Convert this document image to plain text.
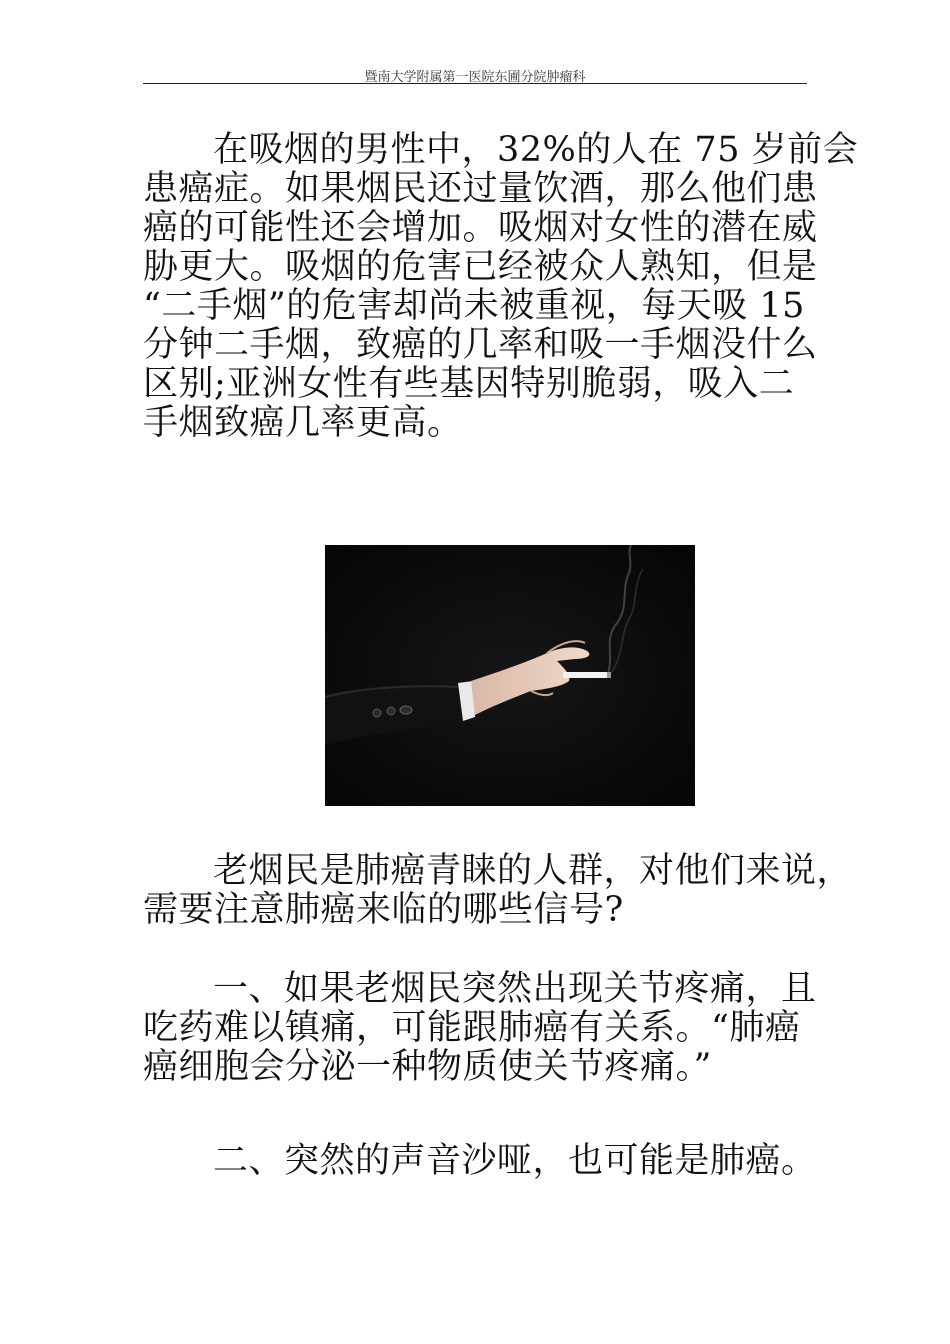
暨南大学附属第一医院东圃分院肿瘤科

在吸烟的男性中，32%的人在 75 岁前会
患癌症。如果烟民还过量饮酒，那么他们患
癌的可能性还会增加。吸烟对女性的潜在威
胁更大。吸烟的危害已经被众人熟知，但是
“二手烟”的危害却尚未被重视，每天吸 15
分钟二手烟，致癌的几率和吸一手烟没什么
区别;亚洲女性有些基因特别脆弱，吸入二
手烟致癌几率更高。

老烟民是肺癌青睐的人群，对他们来说，
需要注意肺癌来临的哪些信号?

一、如果老烟民突然出现关节疼痛，且
吃药难以镇痛，可能跟肺癌有关系。“肺癌
癌细胞会分泌一种物质使关节疼痛。”

二、突然的声音沙哑，也可能是肺癌。
